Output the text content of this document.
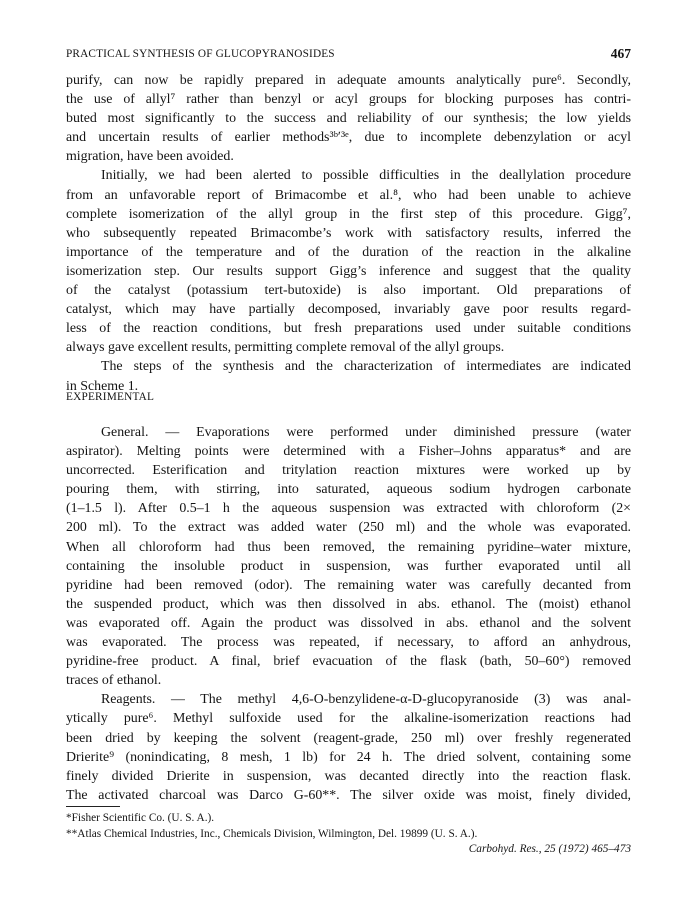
PRACTICAL SYNTHESIS OF GLUCOPYRANOSIDES	467
purify, can now be rapidly prepared in adequate amounts analytically pure⁶. Secondly,
the use of allyl⁷ rather than benzyl or acyl groups for blocking purposes has contri-
buted most significantly to the success and reliability of our synthesis; the low yields
and uncertain results of earlier methods³ᵇʹ³ᵉ, due to incomplete debenzylation or acyl
migration, have been avoided.
Initially, we had been alerted to possible difficulties in the deallylation procedure
from an unfavorable report of Brimacombe et al.⁸, who had been unable to achieve
complete isomerization of the allyl group in the first step of this procedure. Gigg⁷,
who subsequently repeated Brimacombe’s work with satisfactory results, inferred the
importance of the temperature and of the duration of the reaction in the alkaline
isomerization step. Our results support Gigg’s inference and suggest that the quality
of the catalyst (potassium tert-butoxide) is also important. Old preparations of
catalyst, which may have partially decomposed, invariably gave poor results regard-
less of the reaction conditions, but fresh preparations used under suitable conditions
always gave excellent results, permitting complete removal of the allyl groups.
The steps of the synthesis and the characterization of intermediates are indicated
in Scheme 1.
EXPERIMENTAL
General. — Evaporations were performed under diminished pressure (water
aspirator). Melting points were determined with a Fisher–Johns apparatus* and are
uncorrected. Esterification and tritylation reaction mixtures were worked up by
pouring them, with stirring, into saturated, aqueous sodium hydrogen carbonate
(1–1.5 l). After 0.5–1 h the aqueous suspension was extracted with chloroform (2×
200 ml). To the extract was added water (250 ml) and the whole was evaporated.
When all chloroform had thus been removed, the remaining pyridine–water mixture,
containing the insoluble product in suspension, was further evaporated until all
pyridine had been removed (odor). The remaining water was carefully decanted from
the suspended product, which was then dissolved in abs. ethanol. The (moist) ethanol
was evaporated off. Again the product was dissolved in abs. ethanol and the solvent
was evaporated. The process was repeated, if necessary, to afford an anhydrous,
pyridine-free product. A final, brief evacuation of the flask (bath, 50–60°) removed
traces of ethanol.
Reagents. — The methyl 4,6-O-benzylidene-α-D-glucopyranoside (3) was anal-
ytically pure⁶. Methyl sulfoxide used for the alkaline-isomerization reactions had
been dried by keeping the solvent (reagent-grade, 250 ml) over freshly regenerated
Drierite⁹ (nonindicating, 8 mesh, 1 lb) for 24 h. The dried solvent, containing some
finely divided Drierite in suspension, was decanted directly into the reaction flask.
The activated charcoal was Darco G-60**. The silver oxide was moist, finely divided,
*Fisher Scientific Co. (U. S. A.).
**Atlas Chemical Industries, Inc., Chemicals Division, Wilmington, Del. 19899 (U. S. A.).
Carbohyd. Res., 25 (1972) 465–473
